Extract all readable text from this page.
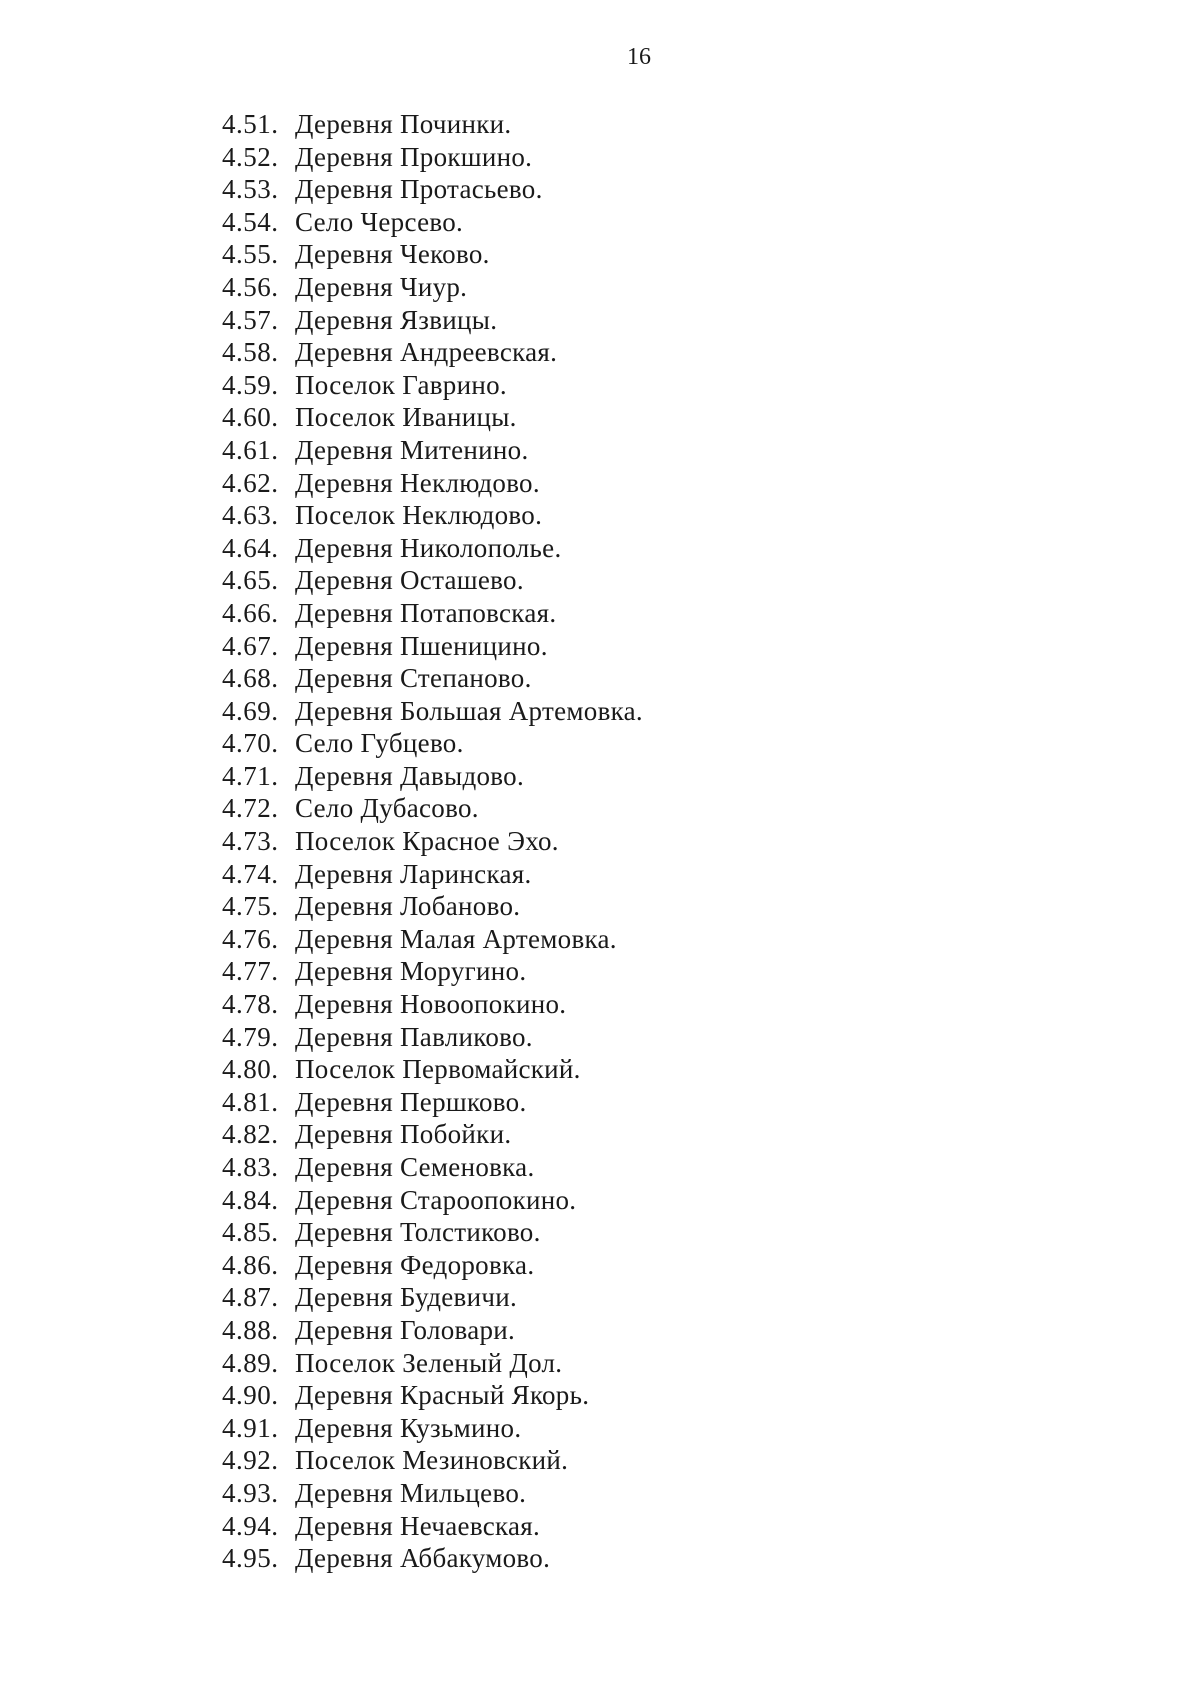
16
4.51. Деревня Починки.
4.52. Деревня Прокшино.
4.53. Деревня Протасьево.
4.54. Село Черсево.
4.55. Деревня Чеково.
4.56. Деревня Чиур.
4.57. Деревня Язвицы.
4.58. Деревня Андреевская.
4.59. Поселок Гаврино.
4.60. Поселок Иваницы.
4.61. Деревня Митенино.
4.62. Деревня Неклюдово.
4.63. Поселок Неклюдово.
4.64. Деревня Николополье.
4.65. Деревня Осташево.
4.66. Деревня Потаповская.
4.67. Деревня Пшеницино.
4.68. Деревня Степаново.
4.69. Деревня Большая Артемовка.
4.70. Село Губцево.
4.71. Деревня Давыдово.
4.72. Село Дубасово.
4.73. Поселок Красное Эхо.
4.74. Деревня Ларинская.
4.75. Деревня Лобаново.
4.76. Деревня Малая Артемовка.
4.77. Деревня Моругино.
4.78. Деревня Новоопокино.
4.79. Деревня Павликово.
4.80. Поселок Первомайский.
4.81. Деревня Першково.
4.82. Деревня Побойки.
4.83. Деревня Семеновка.
4.84. Деревня Староопокино.
4.85. Деревня Толстиково.
4.86. Деревня Федоровка.
4.87. Деревня Будевичи.
4.88. Деревня Головари.
4.89. Поселок Зеленый Дол.
4.90. Деревня Красный Якорь.
4.91. Деревня Кузьмино.
4.92. Поселок Мезиновский.
4.93. Деревня Мильцево.
4.94. Деревня Нечаевская.
4.95. Деревня Аббакумово.
